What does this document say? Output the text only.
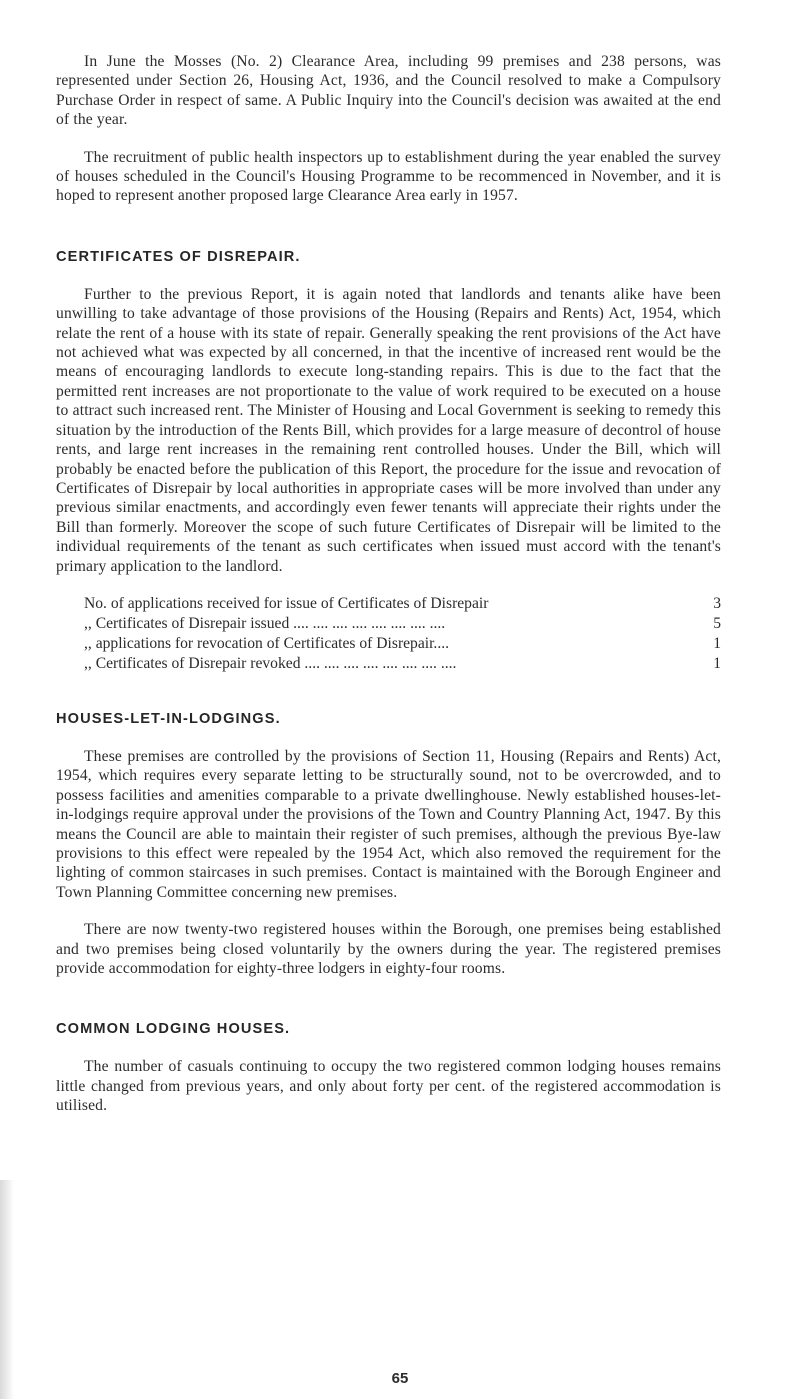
In June the Mosses (No. 2) Clearance Area, including 99 premises and 238 persons, was represented under Section 26, Housing Act, 1936, and the Council resolved to make a Compulsory Purchase Order in respect of same. A Public Inquiry into the Council's decision was awaited at the end of the year.

The recruitment of public health inspectors up to establishment during the year enabled the survey of houses scheduled in the Council's Housing Programme to be recommenced in November, and it is hoped to represent another proposed large Clearance Area early in 1957.

CERTIFICATES OF DISREPAIR.

Further to the previous Report, it is again noted that landlords and tenants alike have been unwilling to take advantage of those provisions of the Housing (Repairs and Rents) Act, 1954, which relate the rent of a house with its state of repair. Generally speaking the rent provisions of the Act have not achieved what was expected by all concerned, in that the incentive of increased rent would be the means of encouraging landlords to execute long-standing repairs. This is due to the fact that the permitted rent increases are not proportionate to the value of work required to be executed on a house to attract such increased rent. The Minister of Housing and Local Government is seeking to remedy this situation by the introduction of the Rents Bill, which provides for a large measure of decontrol of house rents, and large rent increases in the remaining rent controlled houses. Under the Bill, which will probably be enacted before the publication of this Report, the procedure for the issue and revocation of Certificates of Disrepair by local authorities in appropriate cases will be more involved than under any previous similar enactments, and accordingly even fewer tenants will appreciate their rights under the Bill than formerly. Moreover the scope of such future Certificates of Disrepair will be limited to the individual requirements of the tenant as such certificates when issued must accord with the tenant's primary application to the landlord.

No. of applications received for issue of Certificates of Disrepair	3
,, Certificates of Disrepair issued .... .... .... .... .... .... .... ....	5
,, applications for revocation of Certificates of Disrepair....	1
,, Certificates of Disrepair revoked .... .... .... .... .... .... .... ....	1
HOUSES-LET-IN-LODGINGS.

These premises are controlled by the provisions of Section 11, Housing (Repairs and Rents) Act, 1954, which requires every separate letting to be structurally sound, not to be overcrowded, and to possess facilities and amenities comparable to a private dwellinghouse. Newly established houses-let-in-lodgings require approval under the provisions of the Town and Country Planning Act, 1947. By this means the Council are able to maintain their register of such premises, although the previous Bye-law provisions to this effect were repealed by the 1954 Act, which also removed the requirement for the lighting of common staircases in such premises. Contact is maintained with the Borough Engineer and Town Planning Committee concerning new premises.

There are now twenty-two registered houses within the Borough, one premises being established and two premises being closed voluntarily by the owners during the year. The registered premises provide accommodation for eighty-three lodgers in eighty-four rooms.

COMMON LODGING HOUSES.

The number of casuals continuing to occupy the two registered common lodging houses remains little changed from previous years, and only about forty per cent. of the registered accommodation is utilised.

65
